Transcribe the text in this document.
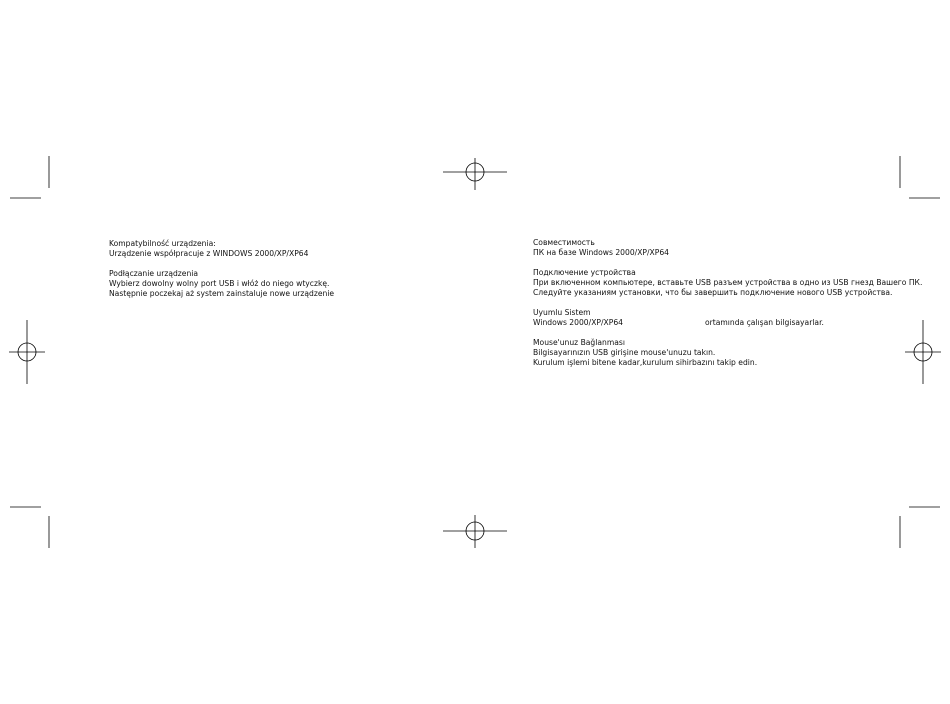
Kompatybilność urządzenia:

Urządzenie współpracuje z WINDOWS 2000/XP/XP64

Podłączanie urządzenia

Wybierz dowolny wolny port USB i włóż do niego wtyczkę.

Następnie poczekaj aż system zainstaluje nowe urządzenie

Совместимость

ПК на базе Windows 2000/XP/XP64

Подключение устройства

При включенном компьютере, вставьте USB разъем устройства в одно из USB гнезд Вашего ПК.

Следуйте указаниям установки, что бы завершить подключение нового USB устройства.

Uyumlu Sistem

Windows 2000/XP/XP64	ortamında çalışan bilgisayarlar.

Mouse'unuz Bağlanması

Bilgisayarınızın USB girişine mouse'unuzu takın.

Kurulum işlemi bitene kadar,kurulum sihirbazını takip edin.
